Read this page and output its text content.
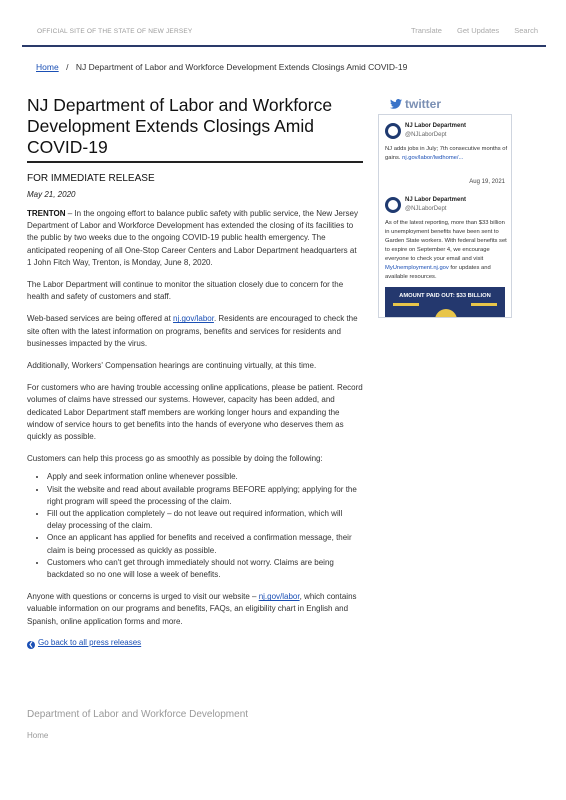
OFFICIAL SITE OF THE STATE OF NEW JERSEY	Translate Get Updates Search
Home / NJ Department of Labor and Workforce Development Extends Closings Amid COVID-19
NJ Department of Labor and Workforce Development Extends Closings Amid COVID-19
FOR IMMEDIATE RELEASE
May 21, 2020

TRENTON – In the ongoing effort to balance public safety with public service, the New Jersey Department of Labor and Workforce Development has extended the closing of its facilities to the public by two weeks due to the ongoing COVID-19 public health emergency. The anticipated reopening of all One-Stop Career Centers and Labor Department headquarters at 1 John Fitch Way, Trenton, is Monday, June 8, 2020.

The Labor Department will continue to monitor the situation closely due to concern for the health and safety of customers and staff.

Web-based services are being offered at nj.gov/labor. Residents are encouraged to check the site often with the latest information on programs, benefits and services for residents and businesses impacted by the virus.

Additionally, Workers' Compensation hearings are continuing virtually, at this time.

For customers who are having trouble accessing online applications, please be patient. Record volumes of claims have stressed our systems. However, capacity has been added, and dedicated Labor Department staff members are working longer hours and expanding the window of service hours to get benefits into the hands of everyone who deserves them as quickly as possible.

Customers can help this process go as smoothly as possible by doing the following:

• Apply and seek information online whenever possible.
• Visit the website and read about available programs BEFORE applying; applying for the right program will speed the processing of the claim.
• Fill out the application completely – do not leave out required information, which will delay processing of the claim.
• Once an applicant has applied for benefits and received a confirmation message, their claim is being processed as quickly as possible.
• Customers who can't get through immediately should not worry. Claims are being backdated so no one will lose a week of benefits.

Anyone with questions or concerns is urged to visit our website – nj.gov/labor, which contains valuable information on our programs and benefits, FAQs, an eligibility chart in English and Spanish, online application forms and more.

❮ Go back to all press releases
twitter
NJ Labor Department
@NJLaborDept
NJ adds jobs in July; 7th consecutive months of gains. nj.gov/labor/lwdhome/...
Aug 19, 2021
NJ Labor Department
@NJLaborDept
As of the latest reporting, more than $33 billion in unemployment benefits have been sent to Garden State workers. With federal benefits set to expire on September 4, we encourage everyone to check your email and visit MyUnemployment.nj.gov for updates and available resources.
AMOUNT PAID OUT: $33 BILLION
Department of Labor and Workforce Development
Home
